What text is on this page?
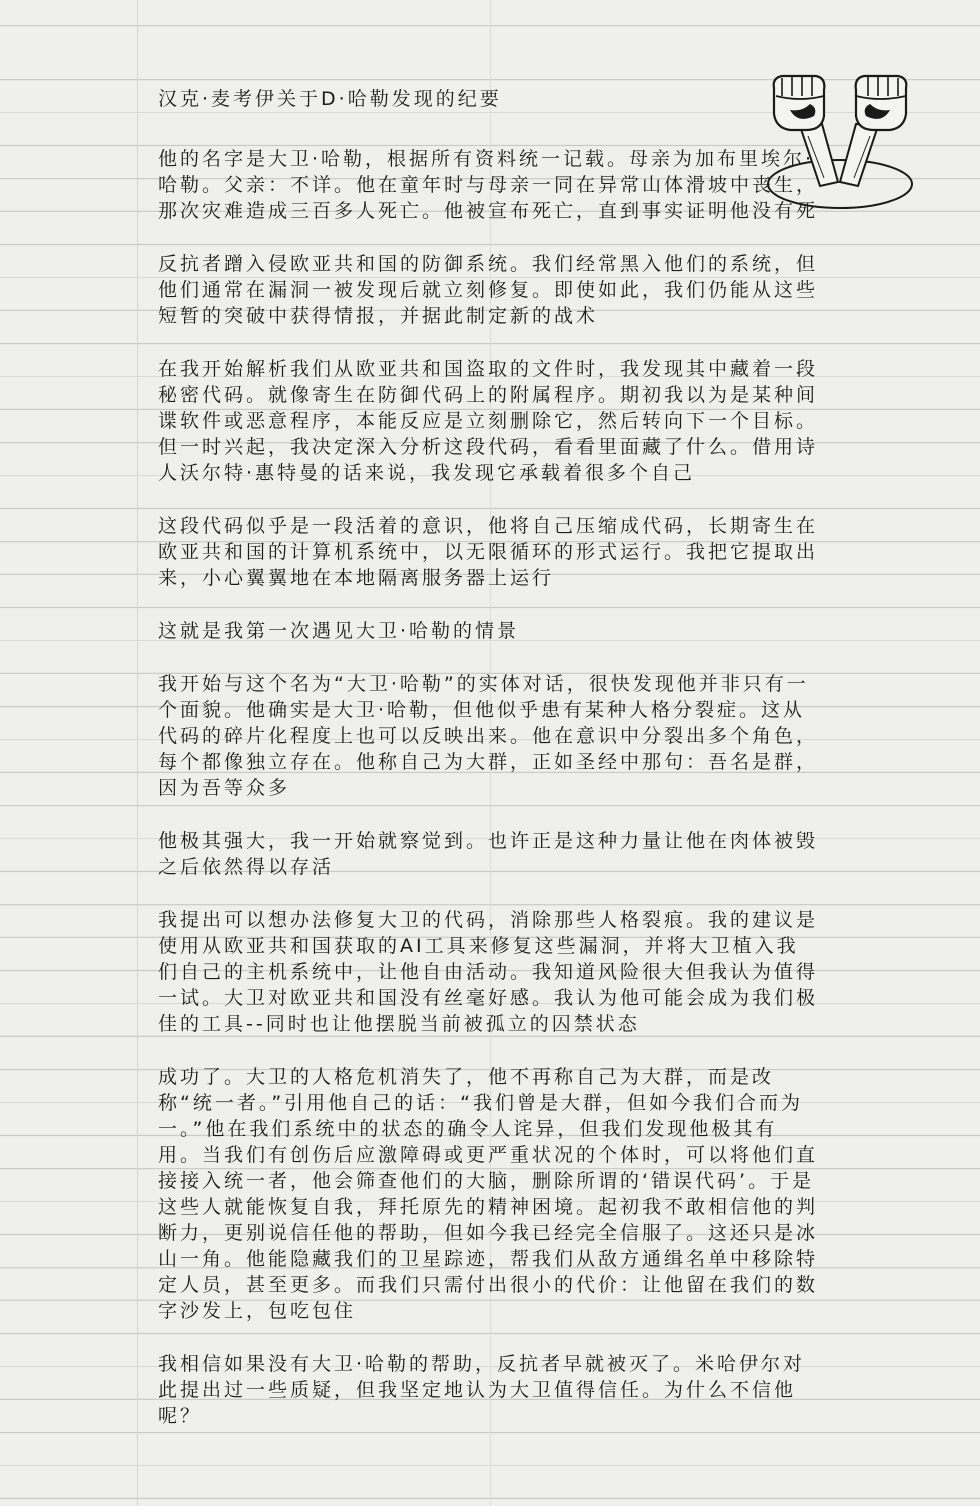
汉克·麦考伊关于D·哈勒发现的纪要

他的名字是大卫·哈勒，根据所有资料统一记载。母亲为加布里埃尔·哈勒。父亲：不详。他在童年时与母亲一同在异常山体滑坡中丧生，那次灾难造成三百多人死亡。他被宣布死亡，直到事实证明他没有死

反抗者蹭入侵欧亚共和国的防御系统。我们经常黑入他们的系统，但他们通常在漏洞一被发现后就立刻修复。即使如此，我们仍能从这些短暂的突破中获得情报，并据此制定新的战术

在我开始解析我们从欧亚共和国盗取的文件时，我发现其中藏着一段秘密代码。就像寄生在防御代码上的附属程序。期初我以为是某种间谍软件或恶意程序，本能反应是立刻删除它，然后转向下一个目标。但一时兴起，我决定深入分析这段代码，看看里面藏了什么。借用诗人沃尔特·惠特曼的话来说，我发现它承载着很多个自己

这段代码似乎是一段活着的意识，他将自己压缩成代码，长期寄生在欧亚共和国的计算机系统中，以无限循环的形式运行。我把它提取出来，小心翼翼地在本地隔离服务器上运行

这就是我第一次遇见大卫·哈勒的情景

我开始与这个名为“大卫·哈勒”的实体对话，很快发现他并非只有一个面貌。他确实是大卫·哈勒，但他似乎患有某种人格分裂症。这从代码的碎片化程度上也可以反映出来。他在意识中分裂出多个角色，每个都像独立存在。他称自己为大群，正如圣经中那句：吾名是群，因为吾等众多

他极其强大，我一开始就察觉到。也许正是这种力量让他在肉体被毁之后依然得以存活

我提出可以想办法修复大卫的代码，消除那些人格裂痕。我的建议是使用从欧亚共和国获取的AI工具来修复这些漏洞，并将大卫植入我们自己的主机系统中，让他自由活动。我知道风险很大但我认为值得一试。大卫对欧亚共和国没有丝毫好感。我认为他可能会成为我们极佳的工具--同时也让他摆脱当前被孤立的囚禁状态

成功了。大卫的人格危机消失了，他不再称自己为大群，而是改称“统一者。”引用他自己的话：“我们曾是大群，但如今我们合而为一。”他在我们系统中的状态的确令人诧异，但我们发现他极其有用。当我们有创伤后应激障碍或更严重状况的个体时，可以将他们直接接入统一者，他会筛查他们的大脑，删除所谓的‘错误代码’。于是这些人就能恢复自我，拜托原先的精神困境。起初我不敢相信他的判断力，更别说信任他的帮助，但如今我已经完全信服了。这还只是冰山一角。他能隐藏我们的卫星踪迹，帮我们从敌方通缉名单中移除特定人员，甚至更多。而我们只需付出很小的代价：让他留在我们的数字沙发上，包吃包住

我相信如果没有大卫·哈勒的帮助，反抗者早就被灭了。米哈伊尔对此提出过一些质疑，但我坚定地认为大卫值得信任。为什么不信他呢？
